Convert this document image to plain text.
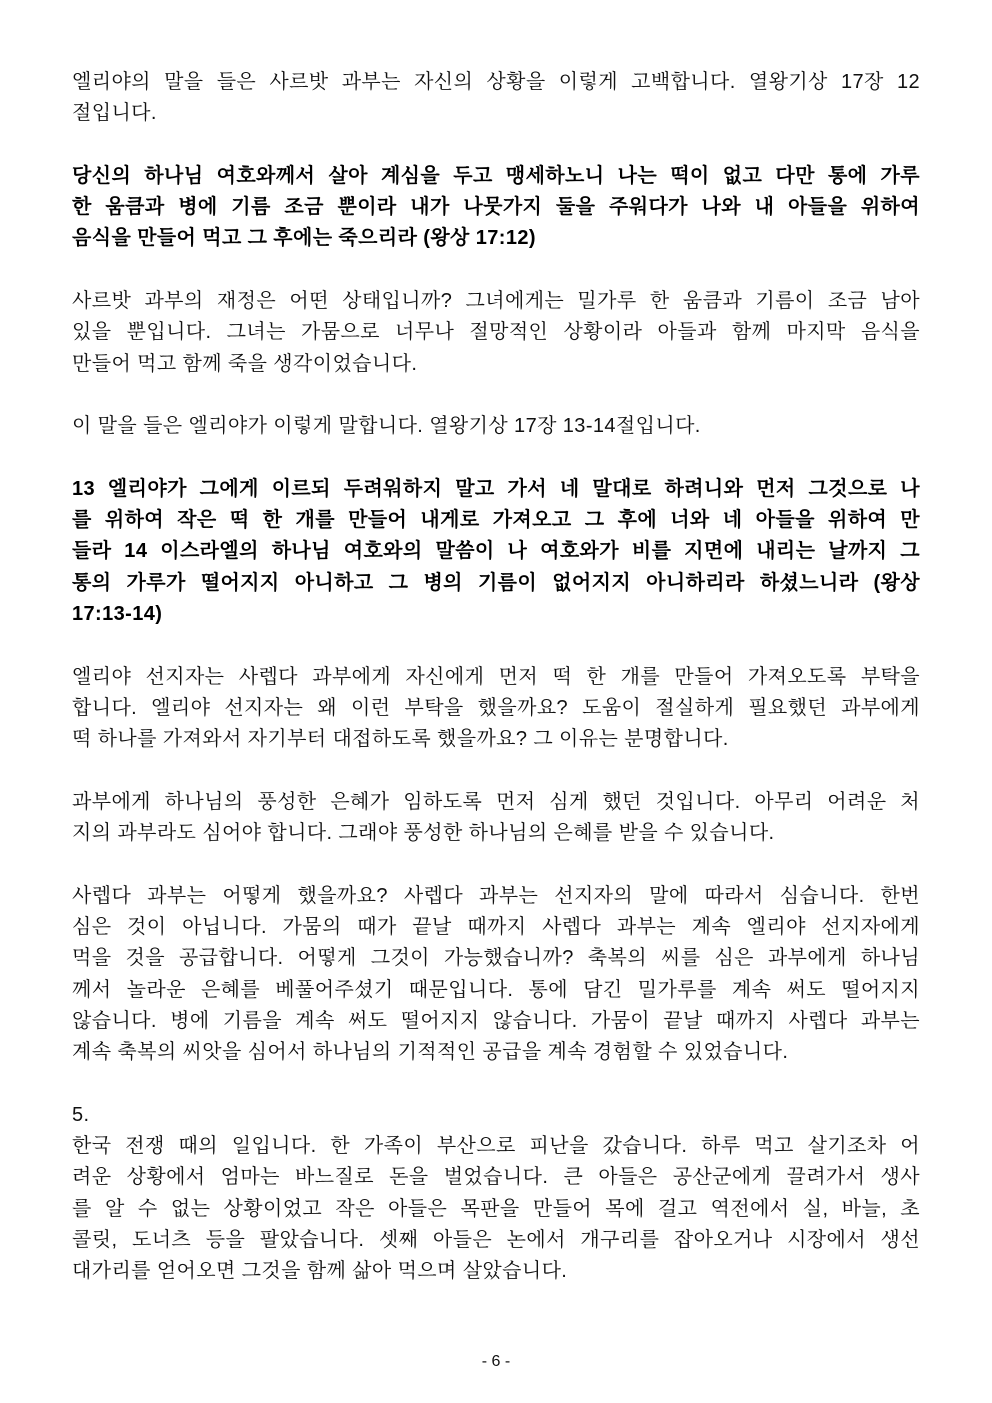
엘리야의 말을 들은 사르밧 과부는 자신의 상황을 이렇게 고백합니다. 열왕기상 17장 12
절입니다.
당신의 하나님 여호와께서 살아 계심을 두고 맹세하노니 나는 떡이 없고 다만 통에 가루
한 움큼과 병에 기름 조금 뿐이라 내가 나뭇가지 둘을 주워다가 나와 내 아들을 위하여
음식을 만들어 먹고 그 후에는 죽으리라 (왕상 17:12)
사르밧 과부의 재정은 어떤 상태입니까? 그녀에게는 밀가루 한 움큼과 기름이 조금 남아
있을 뿐입니다. 그녀는 가뭄으로 너무나 절망적인 상황이라 아들과 함께 마지막 음식을
만들어 먹고 함께 죽을 생각이었습니다.
이 말을 들은 엘리야가 이렇게 말합니다. 열왕기상 17장 13-14절입니다.
13 엘리야가 그에게 이르되 두려워하지 말고 가서 네 말대로 하려니와 먼저 그것으로 나
를 위하여 작은 떡 한 개를 만들어 내게로 가져오고 그 후에 너와 네 아들을 위하여 만
들라 14 이스라엘의 하나님 여호와의 말씀이 나 여호와가 비를 지면에 내리는 날까지 그
통의 가루가 떨어지지 아니하고 그 병의 기름이 없어지지 아니하리라 하셨느니라 (왕상
17:13-14)
엘리야 선지자는 사렙다 과부에게 자신에게 먼저 떡 한 개를 만들어 가져오도록 부탁을
합니다. 엘리야 선지자는 왜 이런 부탁을 했을까요? 도움이 절실하게 필요했던 과부에게
떡 하나를 가져와서 자기부터 대접하도록 했을까요? 그 이유는 분명합니다.
과부에게 하나님의 풍성한 은혜가 임하도록 먼저 심게 했던 것입니다. 아무리 어려운 처
지의 과부라도 심어야 합니다. 그래야 풍성한 하나님의 은혜를 받을 수 있습니다.
사렙다 과부는 어떻게 했을까요? 사렙다 과부는 선지자의 말에 따라서 심습니다. 한번
심은 것이 아닙니다. 가뭄의 때가 끝날 때까지 사렙다 과부는 계속 엘리야 선지자에게
먹을 것을 공급합니다. 어떻게 그것이 가능했습니까? 축복의 씨를 심은 과부에게 하나님
께서 놀라운 은혜를 베풀어주셨기 때문입니다. 통에 담긴 밀가루를 계속 써도 떨어지지
않습니다. 병에 기름을 계속 써도 떨어지지 않습니다. 가뭄이 끝날 때까지 사렙다 과부는
계속 축복의 씨앗을 심어서 하나님의 기적적인 공급을 계속 경험할 수 있었습니다.
5.
한국 전쟁 때의 일입니다. 한 가족이 부산으로 피난을 갔습니다. 하루 먹고 살기조차 어
려운 상황에서 엄마는 바느질로 돈을 벌었습니다. 큰 아들은 공산군에게 끌려가서 생사
를 알 수 없는 상황이었고 작은 아들은 목판을 만들어 목에 걸고 역전에서 실, 바늘, 초
콜릿, 도너츠 등을 팔았습니다. 셋째 아들은 논에서 개구리를 잡아오거나 시장에서 생선
대가리를 얻어오면 그것을 함께 삶아 먹으며 살았습니다.
- 6 -
